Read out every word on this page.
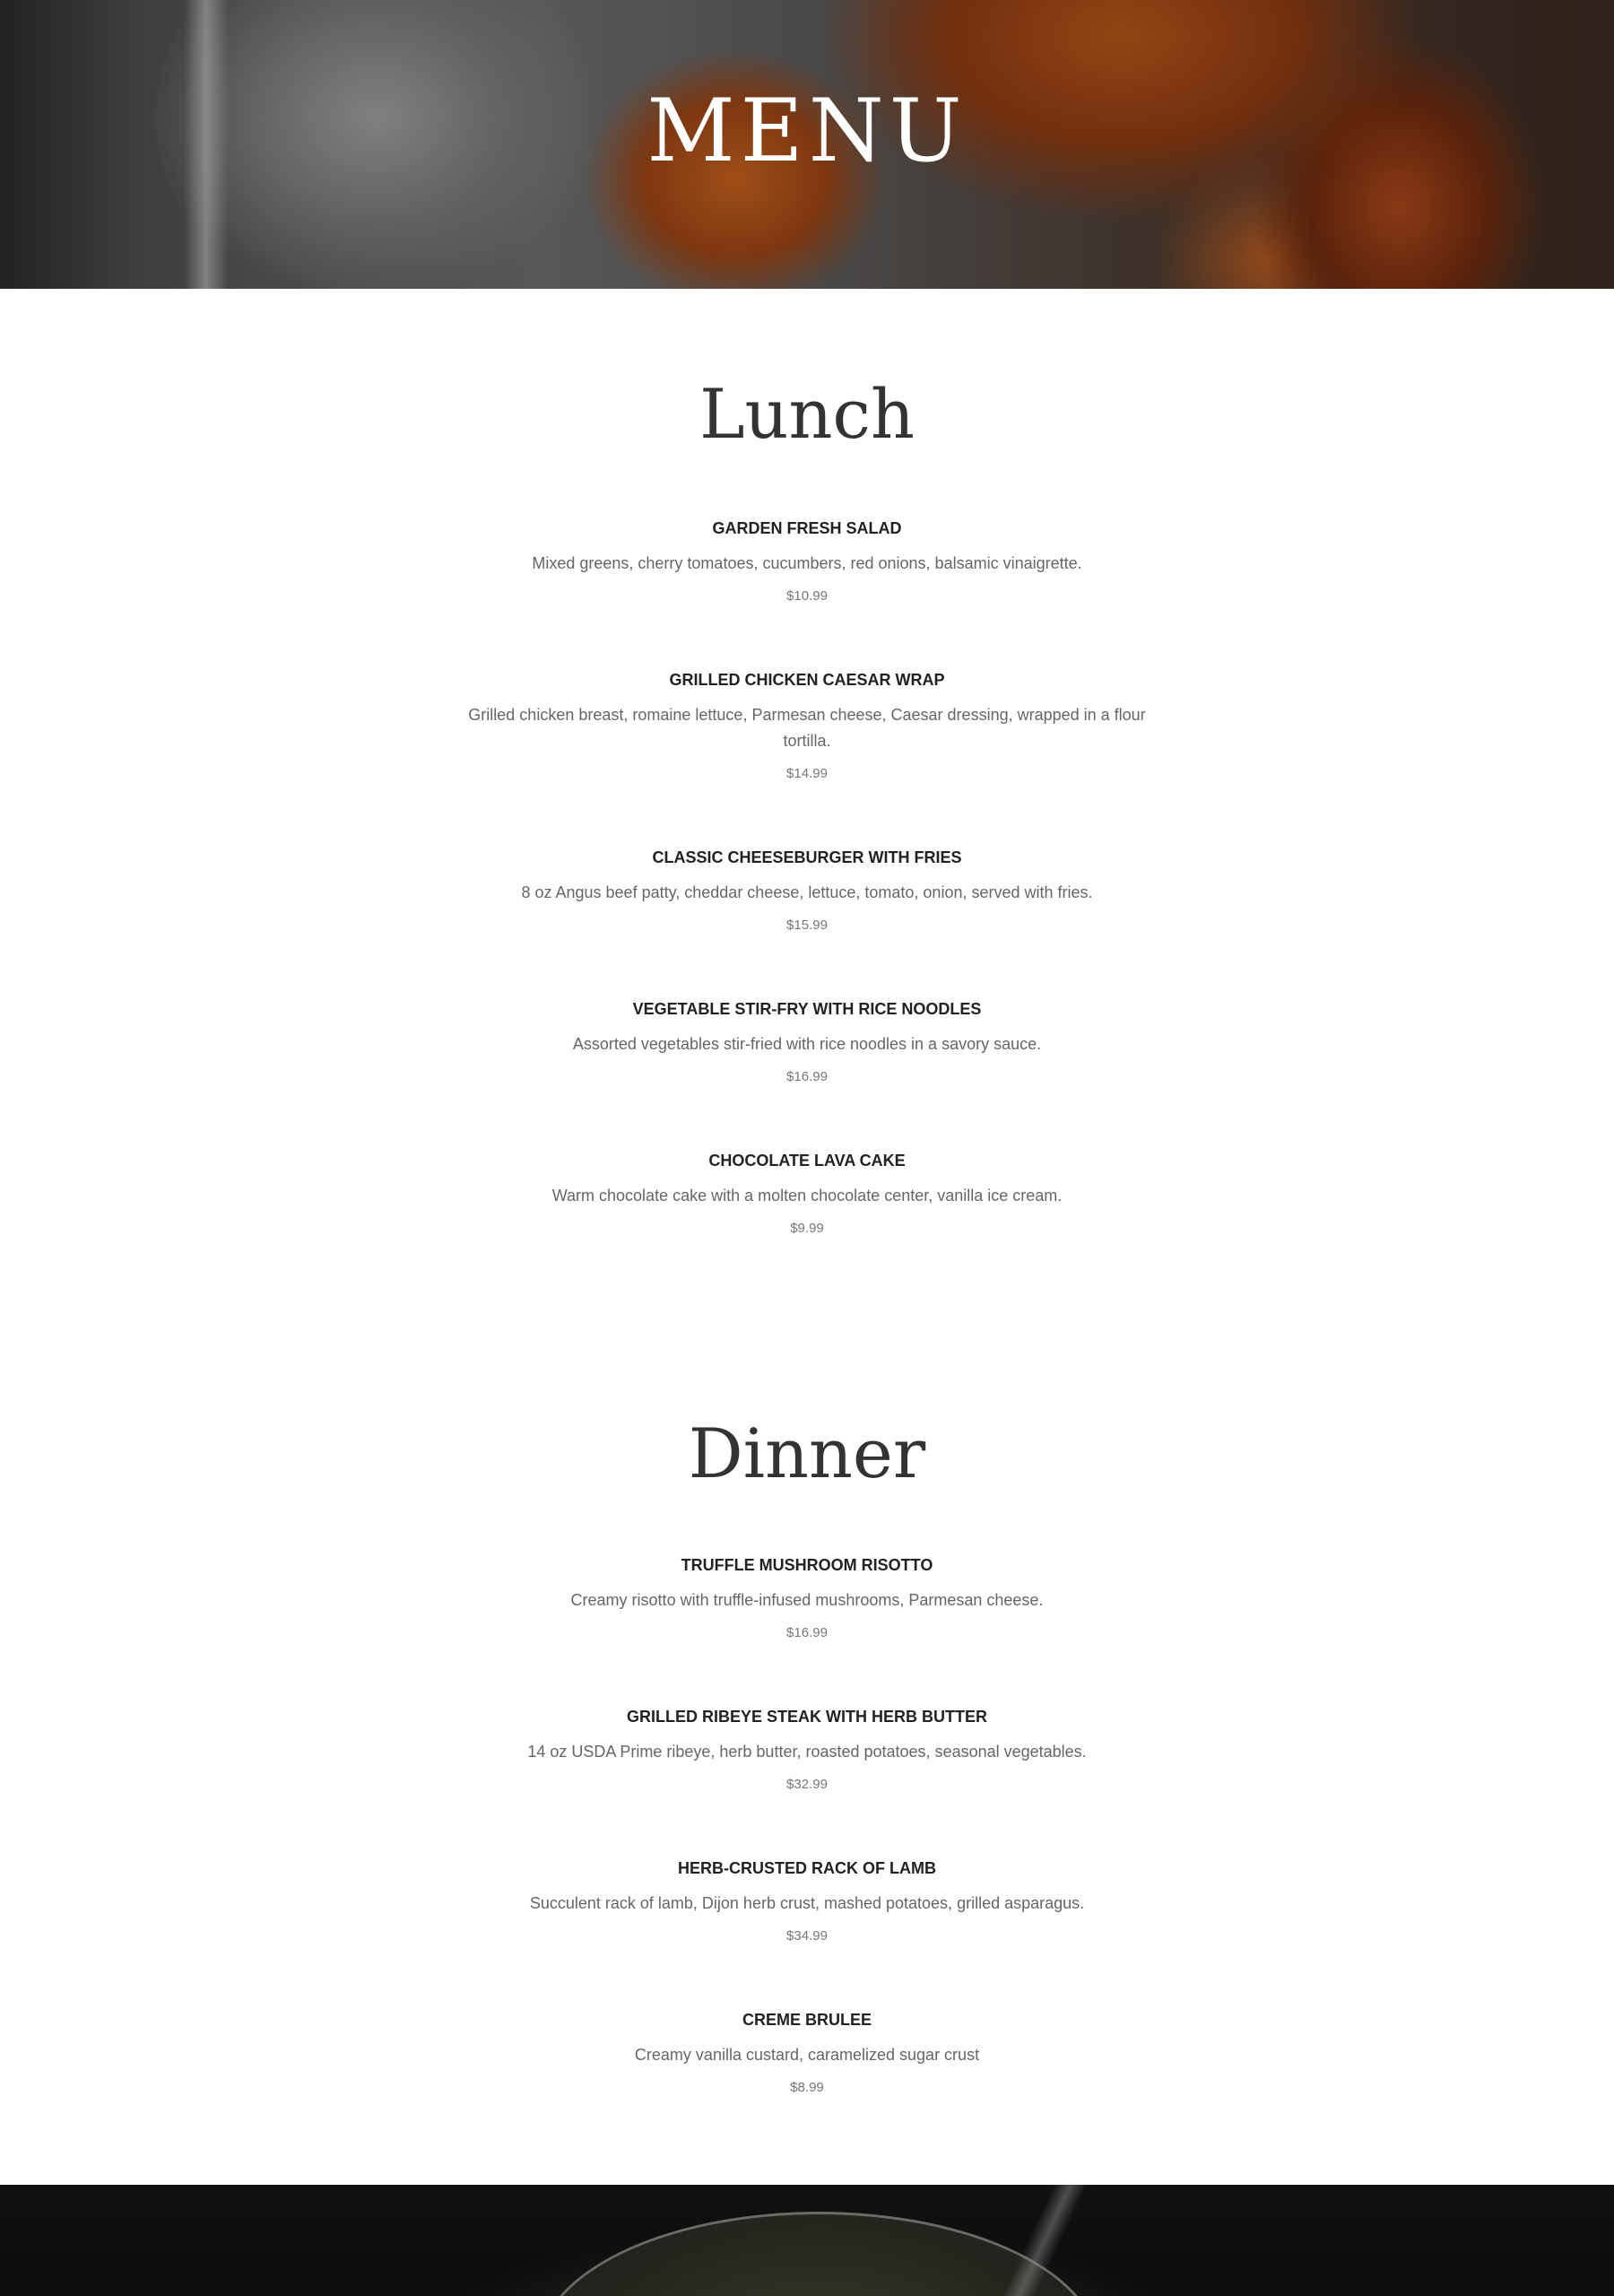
MENU
Lunch

GARDEN FRESH SALAD

Mixed greens, cherry tomatoes, cucumbers, red onions, balsamic vinaigrette.

$10.99

GRILLED CHICKEN CAESAR WRAP

Grilled chicken breast, romaine lettuce, Parmesan cheese, Caesar dressing, wrapped in a flour tortilla.

$14.99

CLASSIC CHEESEBURGER WITH FRIES

8 oz Angus beef patty, cheddar cheese, lettuce, tomato, onion, served with fries.

$15.99

VEGETABLE STIR-FRY WITH RICE NOODLES

Assorted vegetables stir-fried with rice noodles in a savory sauce.

$16.99

CHOCOLATE LAVA CAKE

Warm chocolate cake with a molten chocolate center, vanilla ice cream.

$9.99

Dinner

TRUFFLE MUSHROOM RISOTTO

Creamy risotto with truffle-infused mushrooms, Parmesan cheese.

$16.99

GRILLED RIBEYE STEAK WITH HERB BUTTER

14 oz USDA Prime ribeye, herb butter, roasted potatoes, seasonal vegetables.

$32.99

HERB-CRUSTED RACK OF LAMB

Succulent rack of lamb, Dijon herb crust, mashed potatoes, grilled asparagus.

$34.99

CREME BRULEE

Creamy vanilla custard, caramelized sugar crust

$8.99
